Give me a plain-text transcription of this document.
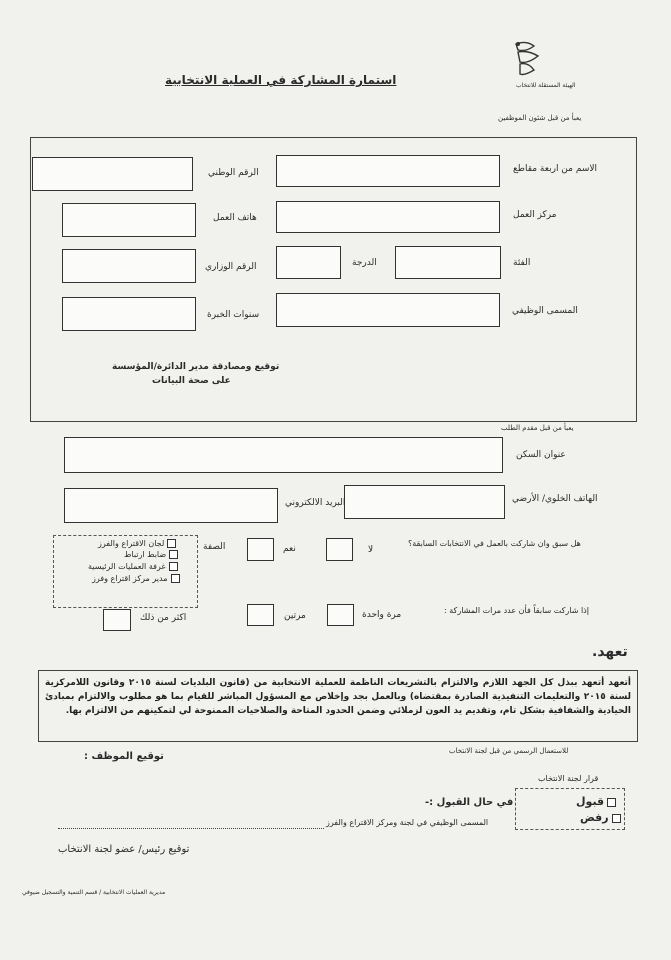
الهيئة المستقلة للانتخاب
استمارة المشاركة في العملية الانتخابية
يعبأ من قبل شئون الموظفين
الاسم من اربعة مقاطع
الرقم الوطني
مركز العمل
هاتف العمل
الفئة
الدرجة
الرقم الوزاري
المسمى الوظيفي
سنوات الخبرة
توقيع ومصادقة مدير الدائرة/المؤسسة
على صحة البيانات
يعبأ من قبل مقدم الطلب
عنوان السكن
الهاتف الخلوي/ الأرضي
البريد الالكتروني
هل سبق وان شاركت بالعمل في الانتخابات السابقة؟
لا
نعم
الصفة
لجان الاقتراع والفرز
ضابط ارتباط
غرفة العمليات الرئيسية
مدير مركز اقتراع وفرز
إذا شاركت سابقاً فأن عدد مرات المشاركة :
مرة واحدة
مرتين
اكثر من ذلك
تعهد.
أتعهد أتعهد ببذل كل الجهد اللازم والالتزام بالتشريعات الناظمة للعملية الانتخابية من (قانون البلديات لسنة ٢٠١٥ وقانون اللامركزية لسنة ٢٠١٥ والتعليمات التنفيذية الصادرة بمقتضاه) وبالعمل بجد وإخلاص مع المسؤول المباشر للقيام بما هو مطلوب والالتزام بمبادئ الحيادية والشفافية بشكل تام، وتقديم يد العون لزملائي وضمن الحدود المتاحة والصلاحيات الممنوحة لي لتمكينهم من الالتزام بها.
للاستعمال الرسمي من قبل لجنة الانتخاب
توقيع الموظف :
قرار لجنة الانتخاب
في حال القبول :-	قبول
رفض
المسمى الوظيفي في لجنة ومركز الاقتراع والفرز
توقيع رئيس/ عضو لجنة الانتخاب
مديرية العمليات الانتخابية / قسم التنمية والتسجيل ضيوفي
